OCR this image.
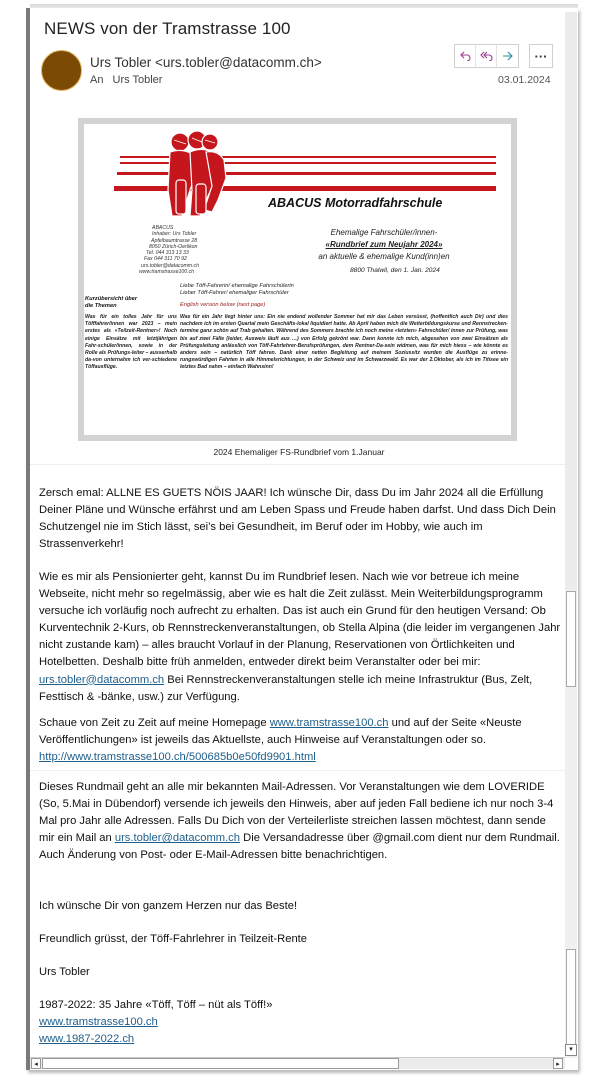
NEWS von der Tramstrasse 100
Urs Tobler <urs.tobler@datacomm.ch>
An Urs Tobler
···
03.01.2024
ABACUS Motorradfahrschule
ABACUS
Inhaber: Urs Tobler
Apfelbaumtrasse 28
8050 Zürich-Oerlikon
Tel. 044 313 13 33
Fax 044 311 70 92
urs.tobler@datacomm.ch
www.tramstrasse100.ch
Ehemalige Fahrschüler/innen-
«Rundbrief zum Neujahr 2024»
an aktuelle & ehemalige Kund(inn)en
8800 Thalwil, den 1. Jan. 2024
Liebe Töff-Fahrerin/ ehemalige Fahrschülerin
Lieber Töff-Fahrer/ ehemaliger Fahrschüler
English version below (next page)
Kurzübersicht über
die Themen
Was für ein tolles Jahr für uns Töfffahrer/innen war 2023 – mein erstes als «Teilzeit-Rentner»! Noch einige Einsätze mit letztjährigen Fahr-schüler/innen, sowie in der Rolle als Prüfungs-leiter – ausserhalb da-von unternahm ich ver-schiedene Töffausflüge.
Was für ein Jahr liegt hinter uns: Ein nie endend wollender Sommer hat mir das Leben versüsst, (hoffentlich auch Dir) und dies nachdem ich im ersten Quartal mein Geschäfts-lokal liquidiert hatte. Ab April haben mich die Weiterbildungskurse und Rennstrecken-termine ganz schön auf Trab gehalten. Während des Sommers brachte ich noch meine «letzten» Fahrschüler/ innen zur Prüfung, was bis auf zwei Fälle (leider, Ausweis läuft aus …) von Erfolg gekrönt war. Dann konnte ich mich, abgesehen von zwei Einsätzen als Prüfungsleitung anlässlich von Töff-Fahrlehrer-Berufsprüfungen, dem Rentner-Da-sein widmen, was für mich hiess – wie könnte es anders sein – natürlich Töff fahren. Dank einer netten Begleitung auf meinem Soziussitz wurden die Ausflüge zu erinne-rungswürdigen Fahrten in alle Himmelsrichtungen, in der Schweiz und im Schwarzwald. Es war der 2.Oktober, als ich im Titisee ein letztes Bad nahm – einfach Wahnsinn!
2024 Ehemaliger FS-Rundbrief vom 1.Januar
Zersch emal: ALLNE ES GUETS NÖIS JAAR! Ich wünsche Dir, dass Du im Jahr 2024 all die Erfüllung Deiner Pläne und Wünsche erfährst und am Leben Spass und Freude haben darfst. Und dass Dich Dein Schutzengel nie im Stich lässt, sei’s bei Gesundheit, im Beruf oder im Hobby, wie auch im Strassenverkehr!
Wie es mir als Pensionierter geht, kannst Du im Rundbrief lesen. Nach wie vor betreue ich meine Webseite, nicht mehr so regelmässig, aber wie es halt die Zeit zulässt. Mein Weiterbildungsprogramm versuche ich vorläufig noch aufrecht zu erhalten. Das ist auch ein Grund für den heutigen Versand: Ob Kurventechnik 2-Kurs, ob Rennstreckenveranstaltungen, ob Stella Alpina (die leider im vergangenen Jahr nicht zustande kam) – alles braucht Vorlauf in der Planung, Reservationen von Örtlichkeiten und Hotelbetten. Deshalb bitte früh anmelden, entweder direkt beim Veranstalter oder bei mir: urs.tobler@datacomm.ch Bei Rennstreckenveranstaltungen stelle ich meine Infrastruktur (Bus, Zelt, Festtisch & -bänke, usw.) zur Verfügung.
Schaue von Zeit zu Zeit auf meine Homepage www.tramstrasse100.ch und auf der Seite «Neuste Veröffentlichungen» ist jeweils das Aktuellste, auch Hinweise auf Veranstaltungen oder so.
http://www.tramstrasse100.ch/500685b0e50fd9901.html
Dieses Rundmail geht an alle mir bekannten Mail-Adressen. Vor Veranstaltungen wie dem LOVERIDE (So, 5.Mai in Dübendorf) versende ich jeweils den Hinweis, aber auf jeden Fall bediene ich nur noch 3-4 Mal pro Jahr alle Adressen. Falls Du Dich von der Verteilerliste streichen lassen möchtest, dann sende mir ein Mail an urs.tobler@datacomm.ch Die Versandadresse über @gmail.com dient nur dem Rundmail. Auch Änderung von Post- oder E-Mail-Adressen bitte benachrichtigen.
Ich wünsche Dir von ganzem Herzen nur das Beste!
Freundlich grüsst, der Töff-Fahrlehrer in Teilzeit-Rente
Urs Tobler
1987-2022: 35 Jahre «Töff, Töff – nüt als Töff!»
www.tramstrasse100.ch
www.1987-2022.ch
▾
◂	▸
